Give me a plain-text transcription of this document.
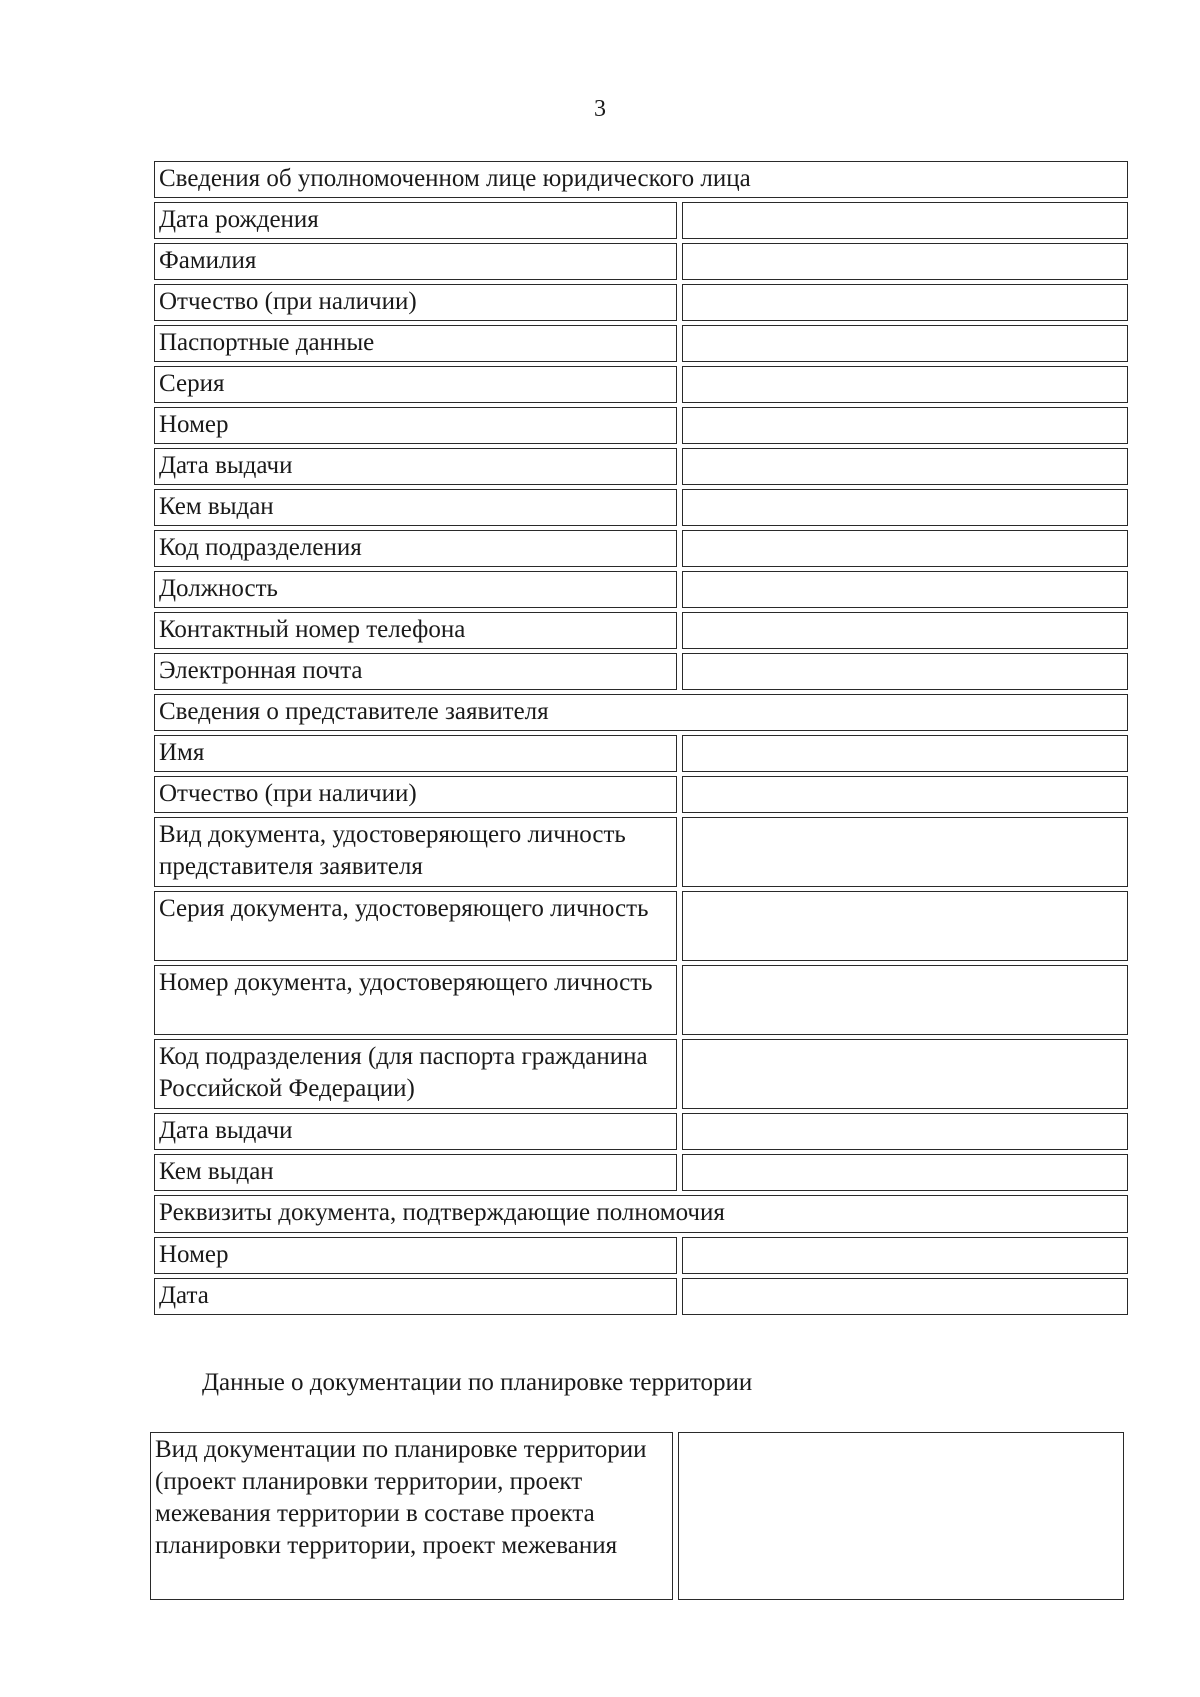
3
Сведения об уполномоченном лице юридического лица
Дата рождения
Фамилия
Отчество (при наличии)
Паспортные данные
Серия
Номер
Дата выдачи
Кем выдан
Код подразделения
Должность
Контактный номер телефона
Электронная почта
Сведения о представителе заявителя
Имя
Отчество (при наличии)
Вид документа, удостоверяющего личность представителя заявителя
Серия документа, удостоверяющего личность
Номер документа, удостоверяющего личность
Код подразделения (для паспорта гражданина Российской Федерации)
Дата выдачи
Кем выдан
Реквизиты документа, подтверждающие полномочия
Номер
Дата
Данные о документации по планировке территории
Вид документации по планировке территории (проект планировки территории, проект межевания территории в составе проекта планировки территории, проект межевания
